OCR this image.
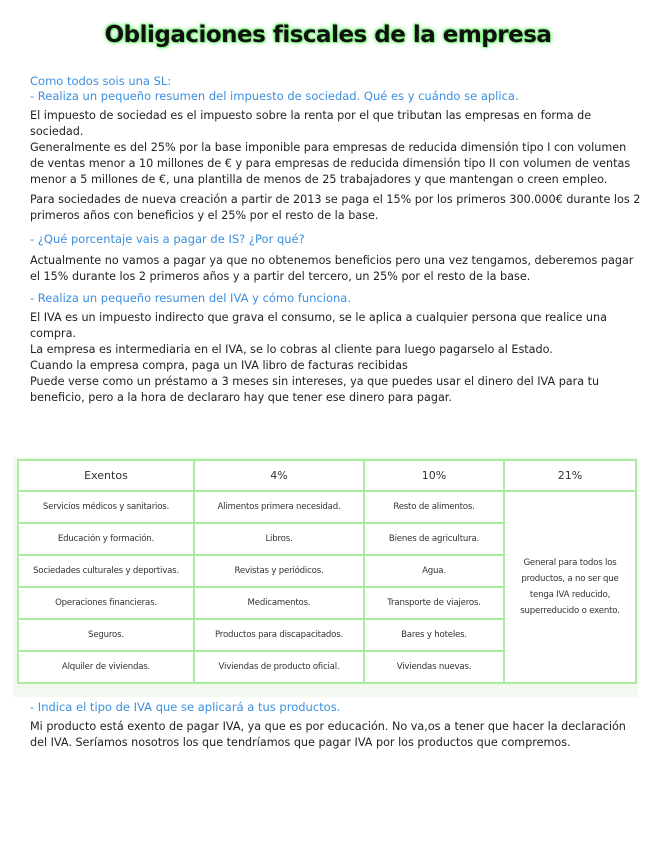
Obligaciones fiscales de la empresa

Como todos sois una SL:

- Realiza un pequeño resumen del impuesto de sociedad. Qué es y cuándo se aplica.

El impuesto de sociedad es el impuesto sobre la renta por el que tributan las empresas en forma de sociedad.

Generalmente es del 25% por la base imponible para empresas de reducida dimensión tipo I con volumen de ventas menor a 10 millones de € y para empresas de reducida dimensión tipo II con volumen de ventas menor a 5 millones de €, una plantilla de menos de 25 trabajadores y que mantengan o creen empleo.

Para sociedades de nueva creación a partir de 2013 se paga el 15% por los primeros 300.000€ durante los 2 primeros años con beneficios y el 25% por el resto de la base.

- ¿Qué porcentaje vais a pagar de IS? ¿Por qué?

Actualmente no vamos a pagar ya que no obtenemos beneficios pero una vez tengamos, deberemos pagar el 15% durante los 2 primeros años y a partir del tercero, un 25% por el resto de la base.

- Realiza un pequeño resumen del IVA y cómo funciona.

El IVA es un impuesto indirecto que grava el consumo, se le aplica a cualquier persona que realice una compra.

La empresa es intermediaria en el IVA, se lo cobras al cliente para luego pagarselo al Estado.

Cuando la empresa compra, paga un IVA libro de facturas recibidas

Puede verse como un préstamo a 3 meses sin intereses, ya que puedes usar el dinero del IVA para tu beneficio, pero a la hora de declararo hay que tener ese dinero para pagar.

Exentos	4%	10%	21%
Servicios médicos y sanitarios.	Alimentos primera necesidad.	Resto de alimentos.	General para todos los productos, a no ser que tenga IVA reducido, superreducido o exento.
Educación y formación.	Libros.	Bienes de agricultura.	
Sociedades culturales y deportivas.	Revistas y periódicos.	Agua.	
Operaciones financieras.	Medicamentos.	Transporte de viajeros.	
Seguros.	Productos para discapacitados.	Bares y hoteles.	
Alquiler de viviendas.	Viviendas de producto oficial.	Viviendas nuevas.	

- Indica el tipo de IVA que se aplicará a tus productos.

Mi producto está exento de pagar IVA, ya que es por educación. No va,os a tener que hacer la declaración del IVA. Seríamos nosotros los que tendríamos que pagar IVA por los productos que compremos.
